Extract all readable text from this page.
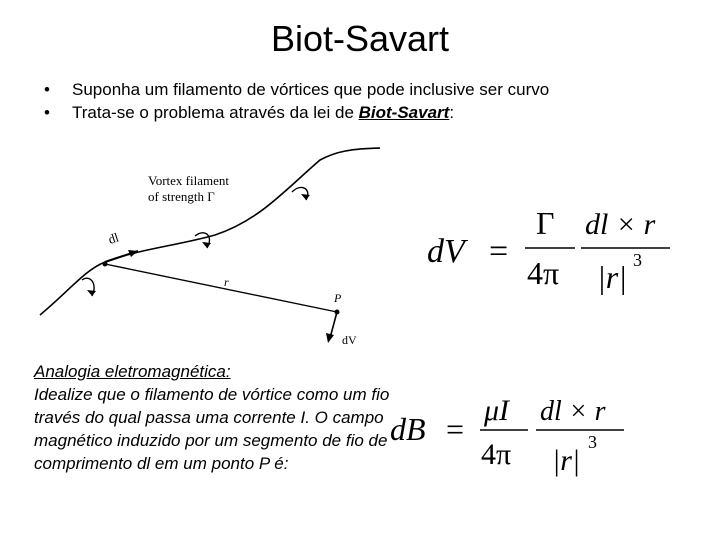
Biot-Savart
• Suponha um filamento de vórtices que pode inclusive ser curvo
• Trata-se o problema através da lei de Biot-Savart:
Vortex filament
of strength Γ
dl
r
P
dV
dV =
Γ
4π
dl × r
|r| 3
Analogia eletromagnética:
Idealize que o filamento de vórtice como um fio través do qual passa uma corrente I. O campo magnético induzido por um segmento de fio de comprimento dl em um ponto P é:
dB =
μI
4π
dl × r
|r|
3
